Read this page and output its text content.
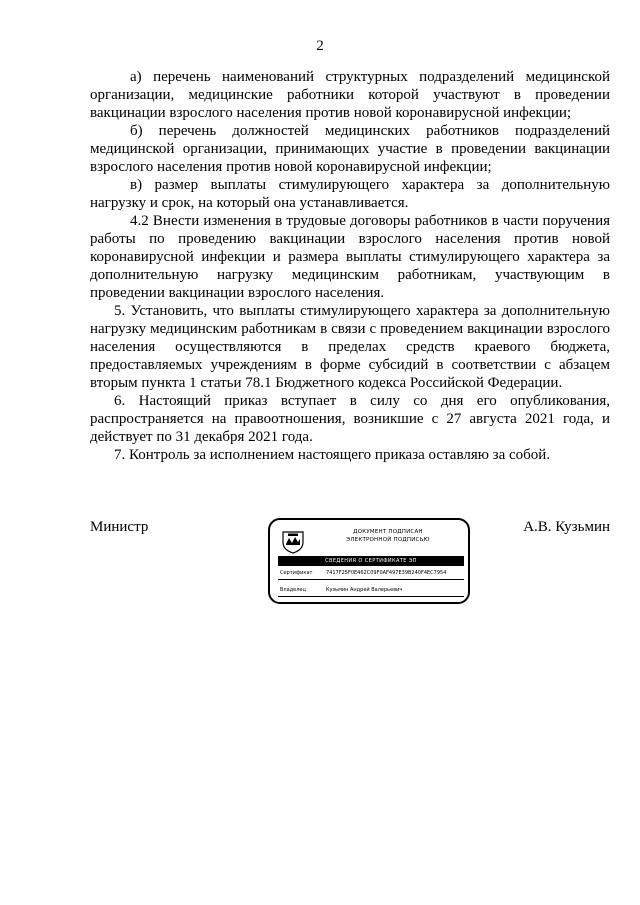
2

а) перечень наименований структурных подразделений медицинской организации, медицинские работники которой участвуют в проведении вакцинации взрослого населения против новой коронавирусной инфекции;

б) перечень должностей медицинских работников подразделений медицинской организации, принимающих участие в проведении вакцинации взрослого населения против новой коронавирусной инфекции;

в) размер выплаты стимулирующего характера за дополнительную нагрузку и срок, на который она устанавливается.

4.2 Внести изменения в трудовые договоры работников в части поручения работы по проведению вакцинации взрослого населения против новой коронавирусной инфекции и размера выплаты стимулирующего характера за дополнительную нагрузку медицинским работникам, участвующим в проведении вакцинации взрослого населения.

5. Установить, что выплаты стимулирующего характера за дополнительную нагрузку медицинским работникам в связи с проведением вакцинации взрослого населения осуществляются в пределах средств краевого бюджета, предоставляемых учреждениям в форме субсидий в соответствии с абзацем вторым пункта 1 статьи 78.1 Бюджетного кодекса Российской Федерации.

6. Настоящий приказ вступает в силу со дня его опубликования, распространяется на правоотношения, возникшие с 27 августа 2021 года, и действует по 31 декабря 2021 года.

7. Контроль за исполнением настоящего приказа оставляю за собой.

Министр	А.В. Кузьмин
ДОКУМЕНТ ПОДПИСАН
ЭЛЕКТРОННОЙ ПОДПИСЬЮ
СВЕДЕНИЯ О СЕРТИФИКАТЕ ЭП
Сертификат	7417F25F0E462C09F0AF497E39B240F4EC7954
Владелец	Кузьмин Андрей Валерьевич
